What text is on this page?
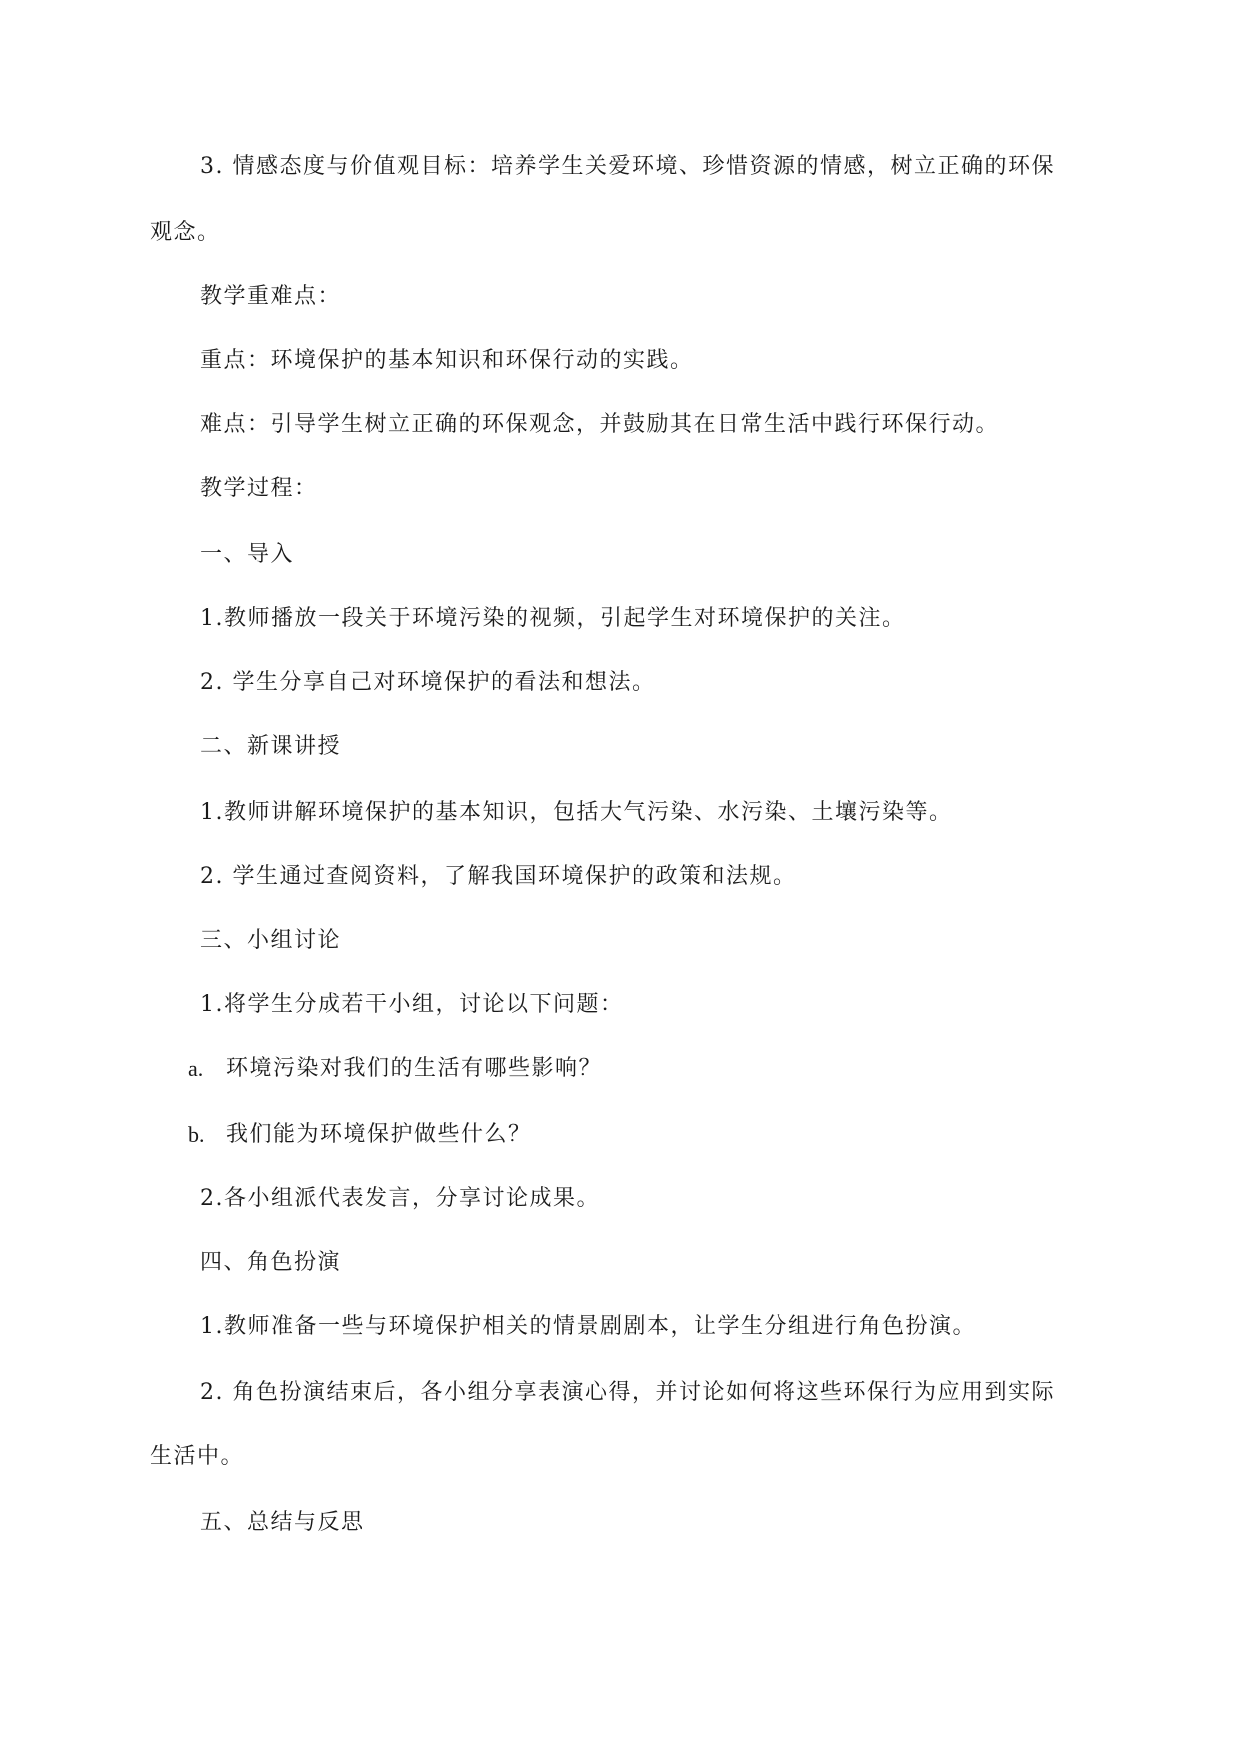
3. 情感态度与价值观目标：培养学生关爱环境、珍惜资源的情感，树立正确的环保
观念。
教学重难点：
重点：环境保护的基本知识和环保行动的实践。
难点：引导学生树立正确的环保观念，并鼓励其在日常生活中践行环保行动。
教学过程：
一、导入
1.教师播放一段关于环境污染的视频，引起学生对环境保护的关注。
2. 学生分享自己对环境保护的看法和想法。
二、新课讲授
1.教师讲解环境保护的基本知识，包括大气污染、水污染、土壤污染等。
2. 学生通过查阅资料，了解我国环境保护的政策和法规。
三、小组讨论
1.将学生分成若干小组，讨论以下问题：
a. 环境污染对我们的生活有哪些影响？
b. 我们能为环境保护做些什么？
2.各小组派代表发言，分享讨论成果。
四、角色扮演
1.教师准备一些与环境保护相关的情景剧剧本，让学生分组进行角色扮演。
2. 角色扮演结束后，各小组分享表演心得，并讨论如何将这些环保行为应用到实际
生活中。
五、总结与反思
